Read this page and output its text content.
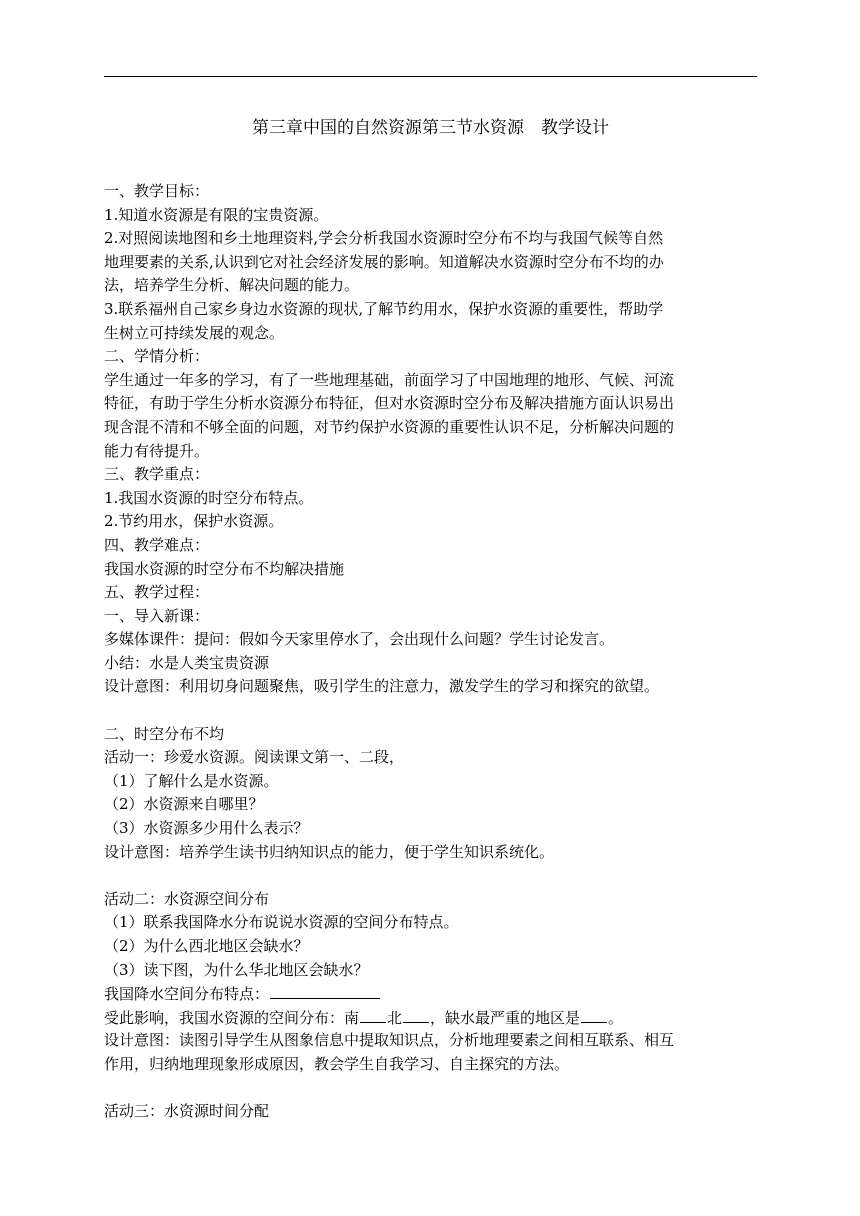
第三章中国的自然资源第三节水资源　教学设计
一、教学目标：
1.知道水资源是有限的宝贵资源。
2.对照阅读地图和乡土地理资料,学会分析我国水资源时空分布不均与我国气候等自然
地理要素的关系,认识到它对社会经济发展的影响。知道解决水资源时空分布不均的办
法，培养学生分析、解决问题的能力。
3.联系福州自己家乡身边水资源的现状,了解节约用水，保护水资源的重要性，帮助学
生树立可持续发展的观念。
二、学情分析：
学生通过一年多的学习，有了一些地理基础，前面学习了中国地理的地形、气候、河流
特征，有助于学生分析水资源分布特征，但对水资源时空分布及解决措施方面认识易出
现含混不清和不够全面的问题，对节约保护水资源的重要性认识不足，分析解决问题的
能力有待提升。
三、教学重点：
1.我国水资源的时空分布特点。
2.节约用水，保护水资源。
四、教学难点：
我国水资源的时空分布不均解决措施
五、教学过程：
一、导入新课：
多媒体课件：提问：假如今天家里停水了，会出现什么问题？学生讨论发言。
小结：水是人类宝贵资源
设计意图：利用切身问题聚焦，吸引学生的注意力，激发学生的学习和探究的欲望。
二、时空分布不均
活动一：珍爱水资源。阅读课文第一、二段，
（1）了解什么是水资源。
（2）水资源来自哪里？
（3）水资源多少用什么表示？
设计意图：培养学生读书归纳知识点的能力，便于学生知识系统化。
活动二：水资源空间分布
（1）联系我国降水分布说说水资源的空间分布特点。
（2）为什么西北地区会缺水？
（3）读下图，为什么华北地区会缺水？
我国降水空间分布特点：
受此影响，我国水资源的空间分布：南 北 ，缺水最严重的地区是 。
设计意图：读图引导学生从图象信息中提取知识点，分析地理要素之间相互联系、相互
作用，归纳地理现象形成原因，教会学生自我学习、自主探究的方法。
活动三：水资源时间分配
